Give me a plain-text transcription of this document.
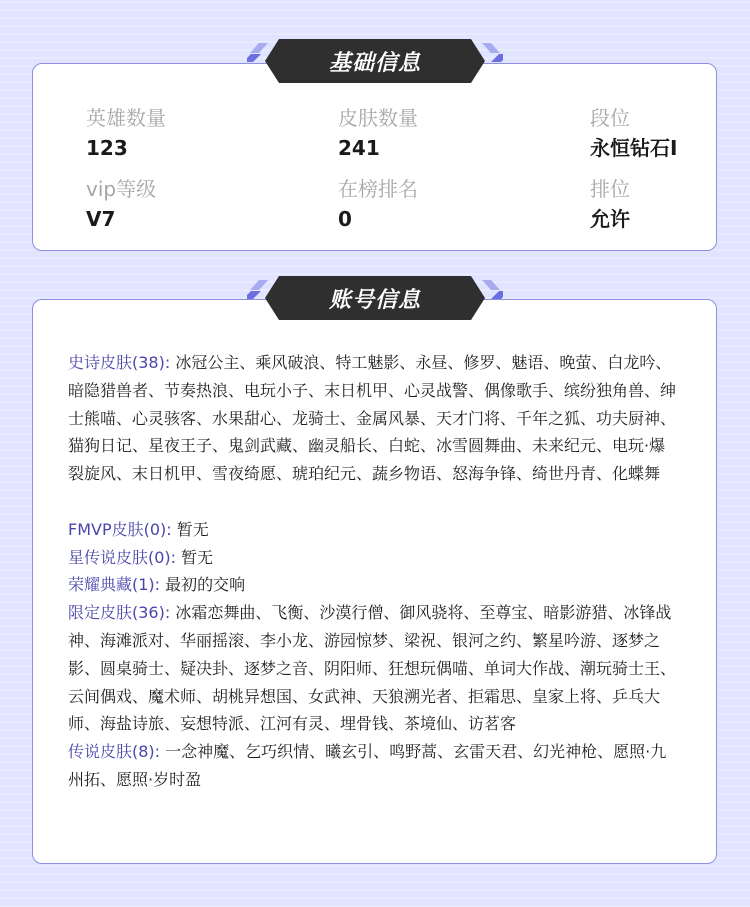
英雄数量
123
皮肤数量
241
段位
永恒钻石I
vip等级
V7
在榜排名
0
排位
允许

史诗皮肤(38): 冰冠公主、乘风破浪、特工魅影、永昼、修罗、魅语、晚萤、白龙吟、暗隐猎兽者、节奏热浪、电玩小子、末日机甲、心灵战警、偶像歌手、缤纷独角兽、绅士熊喵、心灵骇客、水果甜心、龙骑士、金属风暴、天才门将、千年之狐、功夫厨神、猫狗日记、星夜王子、鬼剑武藏、幽灵船长、白蛇、冰雪圆舞曲、未来纪元、电玩·爆裂旋风、末日机甲、雪夜绮愿、琥珀纪元、蔬乡物语、怒海争锋、绮世丹青、化蝶舞

FMVP皮肤(0): 暂无

星传说皮肤(0): 暂无

荣耀典藏(1): 最初的交响

限定皮肤(36): 冰霜恋舞曲、飞衡、沙漠行僧、御风骁将、至尊宝、暗影游猎、冰锋战神、海滩派对、华丽摇滚、李小龙、游园惊梦、梁祝、银河之约、繁星吟游、逐梦之影、圆桌骑士、疑决卦、逐梦之音、阴阳师、狂想玩偶喵、单词大作战、潮玩骑士王、云间偶戏、魔术师、胡桃异想国、女武神、天狼溯光者、拒霜思、皇家上将、乒乓大师、海盐诗旅、妄想特派、江河有灵、埋骨钱、茶境仙、访茗客

传说皮肤(8): 一念神魔、乞巧织情、曦玄引、鸣野蒿、玄雷天君、幻光神枪、愿照·九州拓、愿照·岁时盈

基础信息
账号信息
